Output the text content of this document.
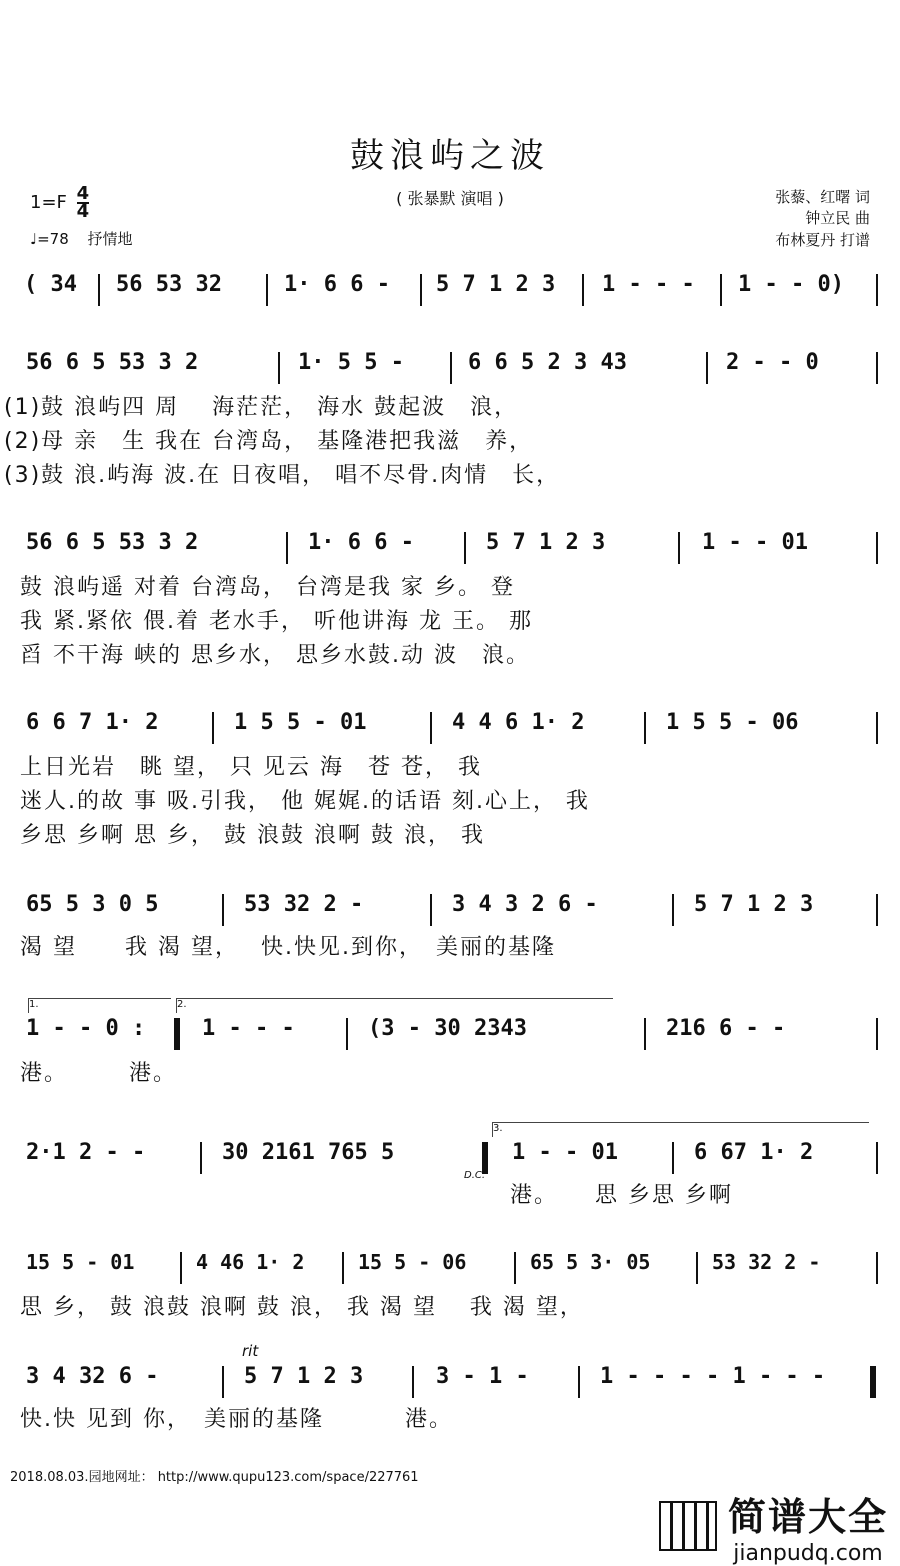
鼓浪屿之波
( 张暴默 演唱 )
$1=F \frac{4}{4}$
♩=78 抒情地
张藜、红曙 词
钟立民 曲
布林夏丹 打谱
( 34 56 53 32	1· 6 6 - 5 7 1 2 3 1 - - - 1 - - 0)
56 6 5 53 3 2	1· 5 5 -	6 6 5 2 3 43	2 - - 0
(1)鼓 浪屿四 周　 海茫茫， 海水 鼓起波　浪，
(2)母 亲　生 我在 台湾岛， 基隆港把我滋　养，
(3)鼓 浪.屿海 波.在 日夜唱， 唱不尽骨.肉情　长，
56 6 5 53 3 2	1· 6 6 -	5 7 1 2 3	1 - - 01
鼓 浪屿遥 对着 台湾岛， 台湾是我 家 乡。 登
我 紧.紧依 偎.着 老水手， 听他讲海 龙 王。 那
舀 不干海 峡的 思乡水， 思乡水鼓.动 波　浪。
6 6 7 1· 2	1 5 5 - 01	4 4 6 1· 2	1 5 5 - 06
上日光岩　眺 望， 只 见云 海　苍 苍， 我
迷人.的故 事 吸.引我， 他 娓娓.的话语 刻.心上， 我
乡思 乡啊 思 乡， 鼓 浪鼓 浪啊 鼓 浪， 我
65 5 3 0 5	53 32 2 -	3 4 3 2 6 -	5 7 1 2 3
渴 望　　我 渴 望，　 快.快见.到你，　美丽的基隆
1.	2.
1 - - 0 :	1 - - -	(3 - 30 2343	216 6 - -
港。　　　港。
3.
2·1 2 - -	30 2161 765 5	1 - - 01	6 67 1· 2
D.C.
港。　　思 乡思 乡啊
15 5 - 01	4 46 1· 2	15 5 - 06	65 5 3· 05	53 32 2 -
思 乡， 鼓 浪鼓 浪啊 鼓 浪， 我 渴 望　 我 渴 望，
rit
3 4 32 6 -	5 7 1 2 3	3 - 1 -	1 - - - - 1 - - -
快.快 见到 你，　美丽的基隆　　　 港。
2018.08.03.园地网址： http://www.qupu123.com/space/227761
简谱大全
jianpudq.com
